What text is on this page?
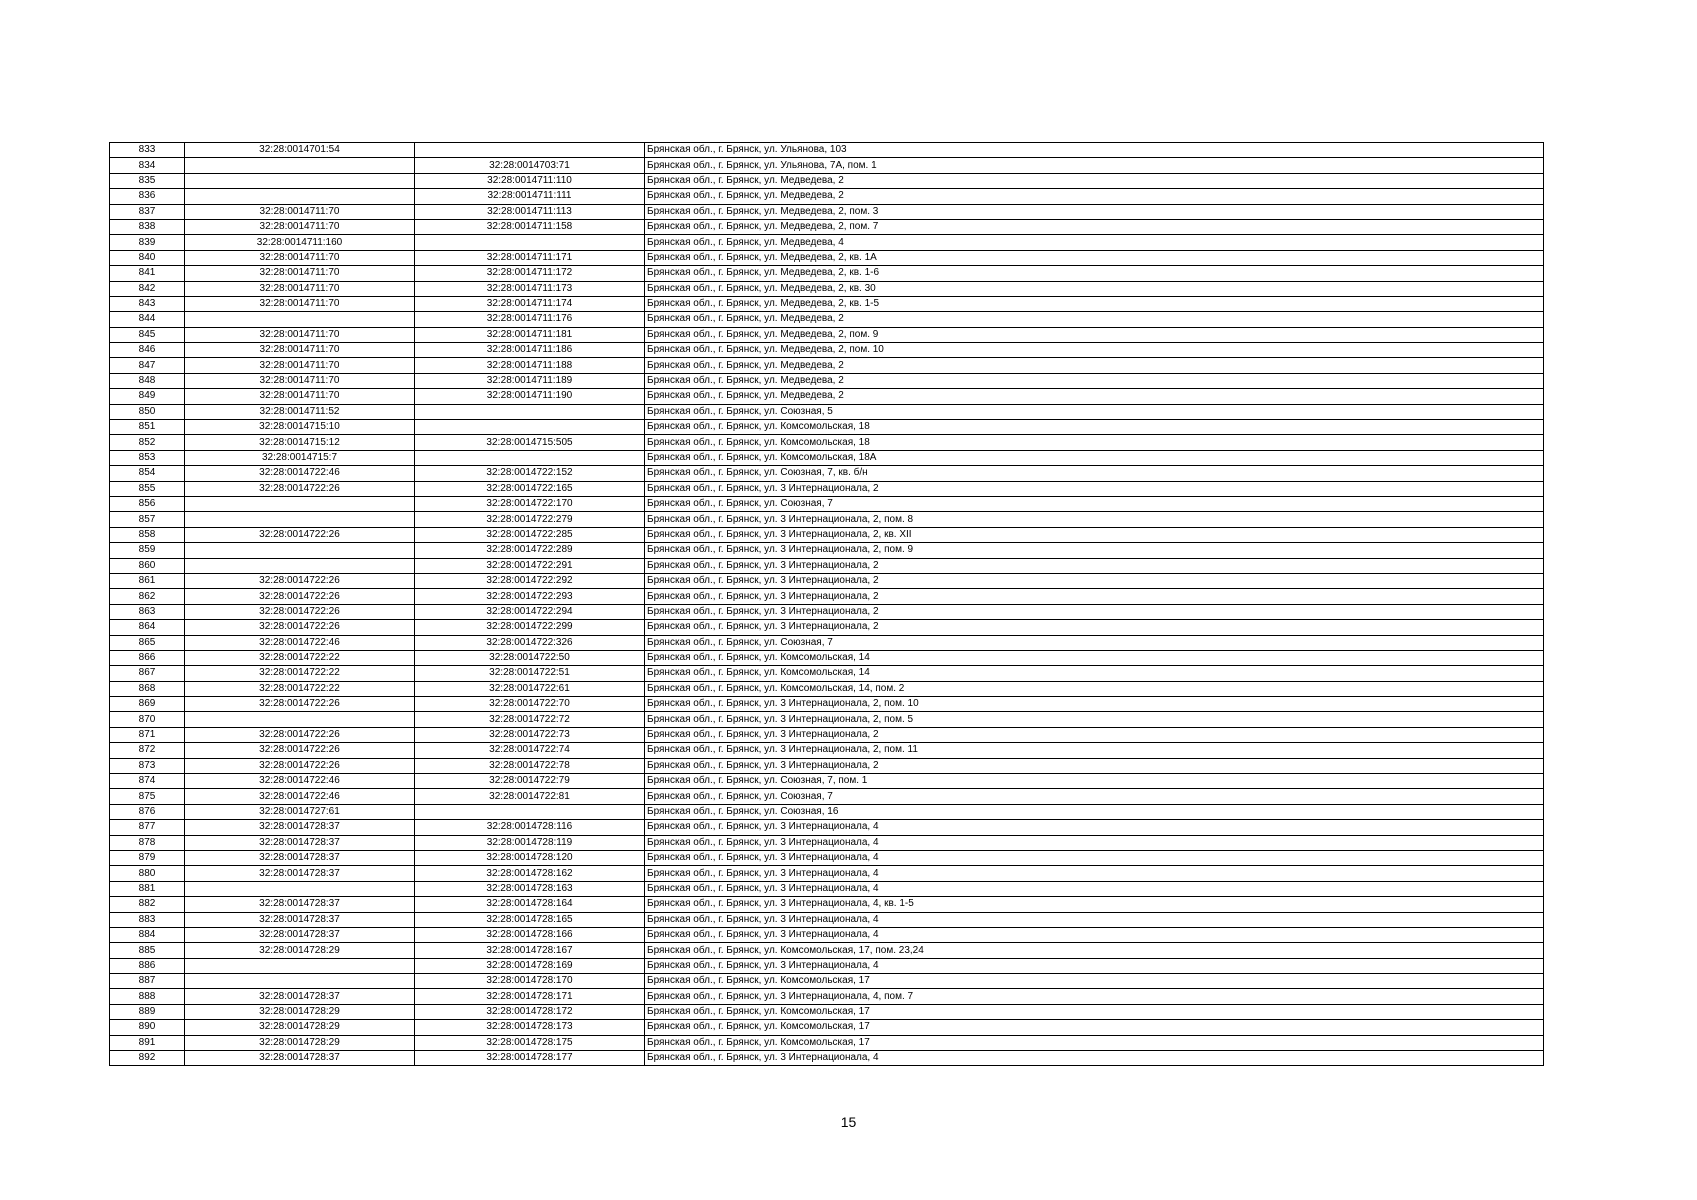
833	32:28:0014701:54		Брянская обл., г. Брянск, ул. Ульянова, 103
834		32:28:0014703:71	Брянская обл., г. Брянск, ул. Ульянова, 7А, пом. 1
835		32:28:0014711:110	Брянская обл., г. Брянск, ул. Медведева, 2
836		32:28:0014711:111	Брянская обл., г. Брянск, ул. Медведева, 2
837	32:28:0014711:70	32:28:0014711:113	Брянская обл., г. Брянск, ул. Медведева, 2, пом. 3
838	32:28:0014711:70	32:28:0014711:158	Брянская обл., г. Брянск, ул. Медведева, 2, пом. 7
839	32:28:0014711:160		Брянская обл., г. Брянск, ул. Медведева, 4
840	32:28:0014711:70	32:28:0014711:171	Брянская обл., г. Брянск, ул. Медведева, 2, кв. 1А
841	32:28:0014711:70	32:28:0014711:172	Брянская обл., г. Брянск, ул. Медведева, 2, кв. 1-6
842	32:28:0014711:70	32:28:0014711:173	Брянская обл., г. Брянск, ул. Медведева, 2, кв. 30
843	32:28:0014711:70	32:28:0014711:174	Брянская обл., г. Брянск, ул. Медведева, 2, кв. 1-5
844		32:28:0014711:176	Брянская обл., г. Брянск, ул. Медведева, 2
845	32:28:0014711:70	32:28:0014711:181	Брянская обл., г. Брянск, ул. Медведева, 2, пом. 9
846	32:28:0014711:70	32:28:0014711:186	Брянская обл., г. Брянск, ул. Медведева, 2, пом. 10
847	32:28:0014711:70	32:28:0014711:188	Брянская обл., г. Брянск, ул. Медведева, 2
848	32:28:0014711:70	32:28:0014711:189	Брянская обл., г. Брянск, ул. Медведева, 2
849	32:28:0014711:70	32:28:0014711:190	Брянская обл., г. Брянск, ул. Медведева, 2
850	32:28:0014711:52		Брянская обл., г. Брянск, ул. Союзная, 5
851	32:28:0014715:10		Брянская обл., г. Брянск, ул. Комсомольская, 18
852	32:28:0014715:12	32:28:0014715:505	Брянская обл., г. Брянск, ул. Комсомольская, 18
853	32:28:0014715:7		Брянская обл., г. Брянск, ул. Комсомольская, 18А
854	32:28:0014722:46	32:28:0014722:152	Брянская обл., г. Брянск, ул. Союзная, 7, кв. б/н
855	32:28:0014722:26	32:28:0014722:165	Брянская обл., г. Брянск, ул. 3 Интернационала, 2
856		32:28:0014722:170	Брянская обл., г. Брянск, ул. Союзная, 7
857		32:28:0014722:279	Брянская обл., г. Брянск, ул. 3 Интернационала, 2, пом. 8
858	32:28:0014722:26	32:28:0014722:285	Брянская обл., г. Брянск, ул. 3 Интернационала, 2, кв. XII
859		32:28:0014722:289	Брянская обл., г. Брянск, ул. 3 Интернационала, 2, пом. 9
860		32:28:0014722:291	Брянская обл., г. Брянск, ул. 3 Интернационала, 2
861	32:28:0014722:26	32:28:0014722:292	Брянская обл., г. Брянск, ул. 3 Интернационала, 2
862	32:28:0014722:26	32:28:0014722:293	Брянская обл., г. Брянск, ул. 3 Интернационала, 2
863	32:28:0014722:26	32:28:0014722:294	Брянская обл., г. Брянск, ул. 3 Интернационала, 2
864	32:28:0014722:26	32:28:0014722:299	Брянская обл., г. Брянск, ул. 3 Интернационала, 2
865	32:28:0014722:46	32:28:0014722:326	Брянская обл., г. Брянск, ул. Союзная, 7
866	32:28:0014722:22	32:28:0014722:50	Брянская обл., г. Брянск, ул. Комсомольская, 14
867	32:28:0014722:22	32:28:0014722:51	Брянская обл., г. Брянск, ул. Комсомольская, 14
868	32:28:0014722:22	32:28:0014722:61	Брянская обл., г. Брянск, ул. Комсомольская, 14, пом. 2
869	32:28:0014722:26	32:28:0014722:70	Брянская обл., г. Брянск, ул. 3 Интернационала, 2, пом. 10
870		32:28:0014722:72	Брянская обл., г. Брянск, ул. 3 Интернационала, 2, пом. 5
871	32:28:0014722:26	32:28:0014722:73	Брянская обл., г. Брянск, ул. 3 Интернационала, 2
872	32:28:0014722:26	32:28:0014722:74	Брянская обл., г. Брянск, ул. 3 Интернационала, 2, пом. 11
873	32:28:0014722:26	32:28:0014722:78	Брянская обл., г. Брянск, ул. 3 Интернационала, 2
874	32:28:0014722:46	32:28:0014722:79	Брянская обл., г. Брянск, ул. Союзная, 7, пом. 1
875	32:28:0014722:46	32:28:0014722:81	Брянская обл., г. Брянск, ул. Союзная, 7
876	32:28:0014727:61		Брянская обл., г. Брянск, ул. Союзная, 16
877	32:28:0014728:37	32:28:0014728:116	Брянская обл., г. Брянск, ул. 3 Интернационала, 4
878	32:28:0014728:37	32:28:0014728:119	Брянская обл., г. Брянск, ул. 3 Интернационала, 4
879	32:28:0014728:37	32:28:0014728:120	Брянская обл., г. Брянск, ул. 3 Интернационала, 4
880	32:28:0014728:37	32:28:0014728:162	Брянская обл., г. Брянск, ул. 3 Интернационала, 4
881		32:28:0014728:163	Брянская обл., г. Брянск, ул. 3 Интернационала, 4
882	32:28:0014728:37	32:28:0014728:164	Брянская обл., г. Брянск, ул. 3 Интернационала, 4, кв. 1-5
883	32:28:0014728:37	32:28:0014728:165	Брянская обл., г. Брянск, ул. 3 Интернационала, 4
884	32:28:0014728:37	32:28:0014728:166	Брянская обл., г. Брянск, ул. 3 Интернационала, 4
885	32:28:0014728:29	32:28:0014728:167	Брянская обл., г. Брянск, ул. Комсомольская, 17, пом. 23,24
886		32:28:0014728:169	Брянская обл., г. Брянск, ул. 3 Интернационала, 4
887		32:28:0014728:170	Брянская обл., г. Брянск, ул. Комсомольская, 17
888	32:28:0014728:37	32:28:0014728:171	Брянская обл., г. Брянск, ул. 3 Интернационала, 4, пом. 7
889	32:28:0014728:29	32:28:0014728:172	Брянская обл., г. Брянск, ул. Комсомольская, 17
890	32:28:0014728:29	32:28:0014728:173	Брянская обл., г. Брянск, ул. Комсомольская, 17
891	32:28:0014728:29	32:28:0014728:175	Брянская обл., г. Брянск, ул. Комсомольская, 17
892	32:28:0014728:37	32:28:0014728:177	Брянская обл., г. Брянск, ул. 3 Интернационала, 4
15
